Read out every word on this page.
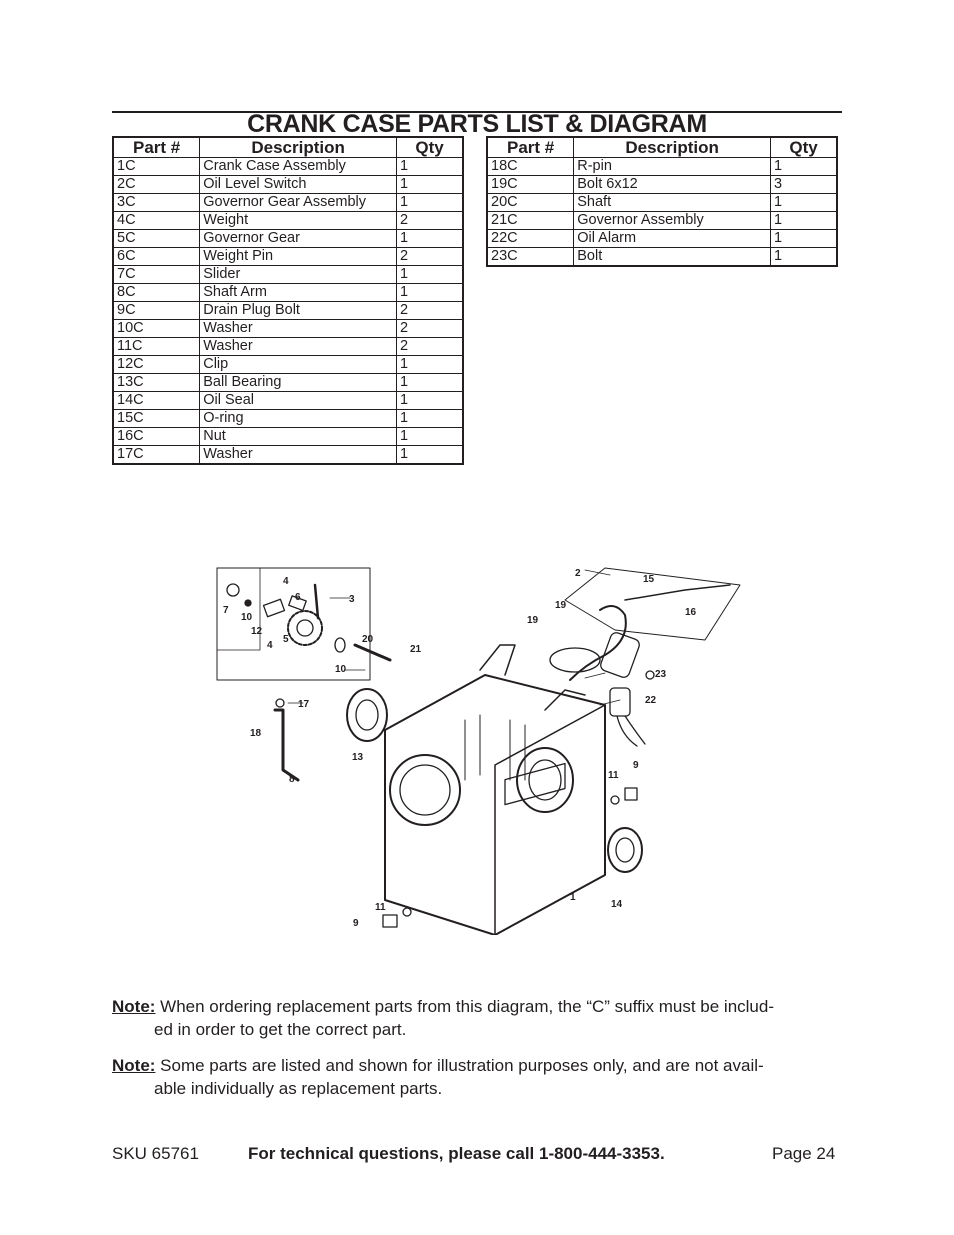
CRANK CASE PARTS LIST & DIAGRAM
Part #	Description	Qty
1C	Crank Case Assembly	1
2C	Oil Level Switch	1
3C	Governor Gear Assembly	1
4C	Weight	2
5C	Governor Gear	1
6C	Weight Pin	2
7C	Slider	1
8C	Shaft Arm	1
9C	Drain Plug Bolt	2
10C	Washer	2
11C	Washer	2
12C	Clip	1
13C	Ball Bearing	1
14C	Oil Seal	1
15C	O-ring	1
16C	Nut	1
17C	Washer	1
Part #	Description	Qty
18C	R-pin	1
19C	Bolt 6x12	3
20C	Shaft	1
21C	Governor Assembly	1
22C	Oil Alarm	1
23C	Bolt	1
4
6	3
7
10
12
4
5
10
20
21
2
15
16
19
19
23
22
17
18
8
13
11
9
1
14
11
9
Note: When ordering replacement parts from this diagram, the “C” suffix must be includ-
ed in order to get the correct part.
Note: Some parts are listed and shown for illustration purposes only, and are not avail-
able individually as replacement parts.
SKU 65761	For technical questions, please call 1-800-444-3353.	Page 24
